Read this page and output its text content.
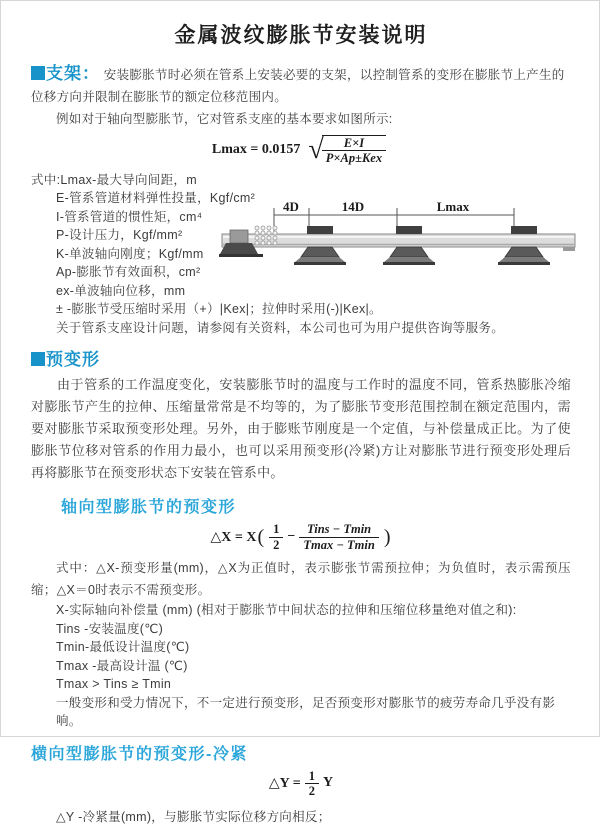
金属波纹膨胀节安装说明

支架： 安装膨胀节时必须在管系上安装必要的支架，以控制管系的变形在膨胀节上产生的位移方向并限制在膨胀节的额定位移范围内。

例如对于轴向型膨胀节，它对管系支座的基本要求如图所示:

Lmax = 0.0157 √
$\frac{E\times I}{\text{P×Ap±Kex}}$
式中:Lmax-最大导向间距，m
E-管系管道材料弹性投量，Kgf/cm²
I-管系管道的惯性矩，cm⁴
P-设计压力，Kgf/mm²
K-单波轴向刚度；Kgf/mm
Ap-膨胀节有效面积，cm²
ex-单波轴向位移，mm
4D	14D	Lmax

± -膨胀节受压缩时采用（+）|Kex|；拉伸时采用(-)|Kex|。

关于管系支座设计问题，请参阅有关资料，本公司也可为用户提供咨询等服务。

预变形

由于管系的工作温度变化，安装膨胀节时的温度与工作时的温度不同，管系热膨胀冷缩对膨胀节产生的拉伸、压缩量常常是不均等的，为了膨胀节变形范围控制在额定范围内，需要对膨胀节采取预变形处理。另外，由于膨账节刚度是一个定值，与补偿量成正比。为了使膨胀节位移对管系的作用力最小，也可以采用预变形(冷紧)方让对膨胀节进行预变形处理后再将膨胀节在预变形状态下安装在管系中。

轴向型膨胀节的预变形
△X = X ( $\frac{1}{2} - \frac{\text{Tins − Tmin}}{Tmax - Tmin}$ )

式中：△X-预变形量(mm)，△X为正值时，表示膨张节需预拉伸；为负值时，表示需预压缩；△X＝0时表示不需预变形。

X-实际轴向补偿量 (mm) (相对于膨胀节中间状态的拉伸和压缩位移量绝对值之和):
Tins -安装温度(℃)
Tmin-最低设计温度(℃)
Tmax -最高设计温 (℃)
Tmax > Tins ≥ Tmin
一般变形和受力情况下，不一定进行预变形，足否预变形对膨胀节的疲劳寿命几乎没有影响。
横向型膨胀节的预变形-冷紧
△Y = $\frac{1}{2}$ Y

△Y -冷紧量(mm)，与膨胀节实际位移方向相反；
